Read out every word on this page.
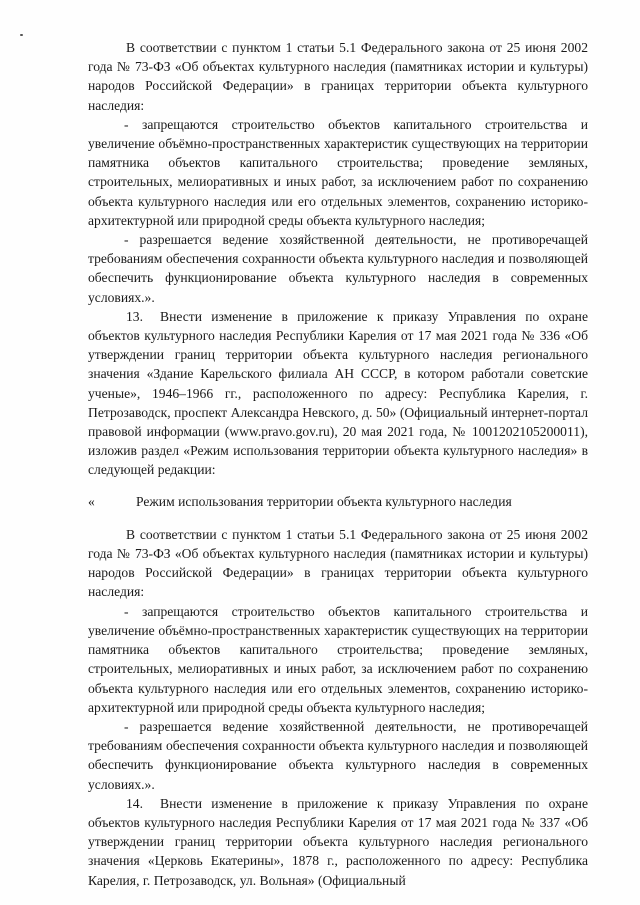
В соответствии с пунктом 1 статьи 5.1 Федерального закона от 25 июня 2002 года № 73-ФЗ «Об объектах культурного наследия (памятниках истории и культуры) народов Российской Федерации» в границах территории объекта культурного наследия:

- запрещаются строительство объектов капитального строительства и увеличение объёмно-пространственных характеристик существующих на территории памятника объектов капитального строительства; проведение земляных, строительных, мелиоративных и иных работ, за исключением работ по сохранению объекта культурного наследия или его отдельных элементов, сохранению историко-архитектурной или природной среды объекта культурного наследия;

- разрешается ведение хозяйственной деятельности, не противоречащей требованиям обеспечения сохранности объекта культурного наследия и позволяющей обеспечить функционирование объекта культурного наследия в современных условиях.».

13. Внести изменение в приложение к приказу Управления по охране объектов культурного наследия Республики Карелия от 17 мая 2021 года № 336 «Об утверждении границ территории объекта культурного наследия регионального значения «Здание Карельского филиала АН СССР, в котором работали советские ученые», 1946–1966 гг., расположенного по адресу: Республика Карелия, г. Петрозаводск, проспект Александра Невского, д. 50» (Официальный интернет-портал правовой информации (www.pravo.gov.ru), 20 мая 2021 года, № 1001202105200011), изложив раздел «Режим использования территории объекта культурного наследия» в следующей редакции:

«	Режим использования территории объекта культурного наследия

В соответствии с пунктом 1 статьи 5.1 Федерального закона от 25 июня 2002 года № 73-ФЗ «Об объектах культурного наследия (памятниках истории и культуры) народов Российской Федерации» в границах территории объекта культурного наследия:

- запрещаются строительство объектов капитального строительства и увеличение объёмно-пространственных характеристик существующих на территории памятника объектов капитального строительства; проведение земляных, строительных, мелиоративных и иных работ, за исключением работ по сохранению объекта культурного наследия или его отдельных элементов, сохранению историко-архитектурной или природной среды объекта культурного наследия;

- разрешается ведение хозяйственной деятельности, не противоречащей требованиям обеспечения сохранности объекта культурного наследия и позволяющей обеспечить функционирование объекта культурного наследия в современных условиях.».

14. Внести изменение в приложение к приказу Управления по охране объектов культурного наследия Республики Карелия от 17 мая 2021 года № 337 «Об утверждении границ территории объекта культурного наследия регионального значения «Церковь Екатерины», 1878 г., расположенного по адресу: Республика Карелия, г. Петрозаводск, ул. Вольная» (Официальный
